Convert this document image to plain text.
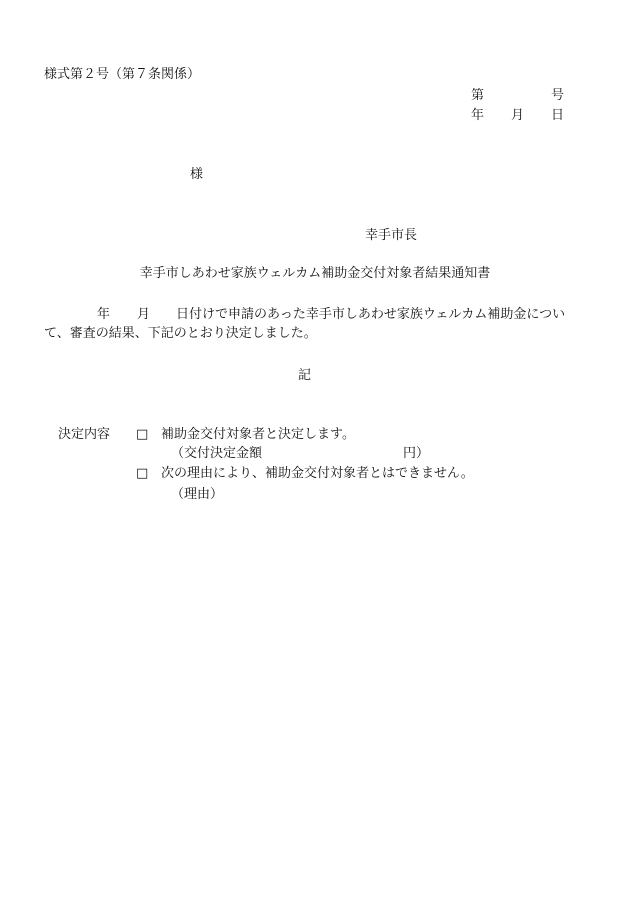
様式第２号（第７条関係）
第	号
年 月 日
様
幸手市長
幸手市しあわせ家族ウェルカム補助金交付対象者結果通知書
年 月 日付けで申請のあった幸手市しあわせ家族ウェルカム補助金につい
て、審査の結果、下記のとおり決定しました。
記
決定内容 □ 補助金交付対象者と決定します。
（交付決定金額	円）
□ 次の理由により、補助金交付対象者とはできません。
（理由）
